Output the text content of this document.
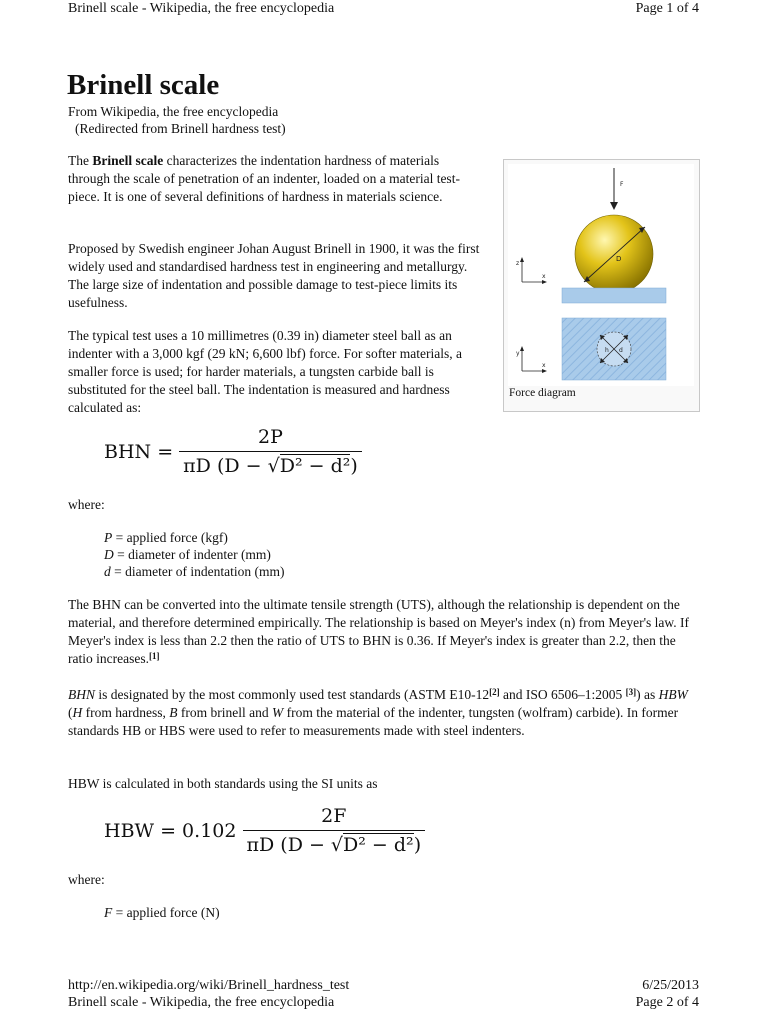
Brinell scale - Wikipedia, the free encyclopedia	Page 1 of 4
Brinell scale
From Wikipedia, the free encyclopedia
(Redirected from Brinell hardness test)

The Brinell scale characterizes the indentation hardness of materials through the scale of penetration of an indenter, loaded on a material test-piece. It is one of several definitions of hardness in materials science.

Proposed by Swedish engineer Johan August Brinell in 1900, it was the first widely used and standardised hardness test in engineering and metallurgy. The large size of indentation and possible damage to test-piece limits its usefulness.

The typical test uses a 10 millimetres (0.39 in) diameter steel ball as an indenter with a 3,000 kgf (29 kN; 6,600 lbf) force. For softer materials, a smaller force is used; for harder materials, a tungsten carbide ball is substituted for the steel ball. The indentation is measured and hardness calculated as:

F
D
z
x
h d
y
x
Force diagram
BHN = $\frac{2P}{\text{πD (D − √D² − d²)}}$
where:
P = applied force (kgf)
D = diameter of indenter (mm)
d = diameter of indentation (mm)

The BHN can be converted into the ultimate tensile strength (UTS), although the relationship is dependent on the material, and therefore determined empirically. The relationship is based on Meyer's index (n) from Meyer's law. If Meyer's index is less than 2.2 then the ratio of UTS to BHN is 0.36. If Meyer's index is greater than 2.2, then the ratio increases.[1]

BHN is designated by the most commonly used test standards (ASTM E10-12[2] and ISO 6506–1:2005 [3]) as HBW (H from hardness, B from brinell and W from the material of the indenter, tungsten (wolfram) carbide). In former standards HB or HBS were used to refer to measurements made with steel indenters.

HBW is calculated in both standards using the SI units as

HBW = $0.102 \frac{2F}{\text{πD (D − √D² − d²)}}$
where:
F = applied force (N)
http://en.wikipedia.org/wiki/Brinell_hardness_test	6/25/2013
Brinell scale - Wikipedia, the free encyclopedia	Page 2 of 4
